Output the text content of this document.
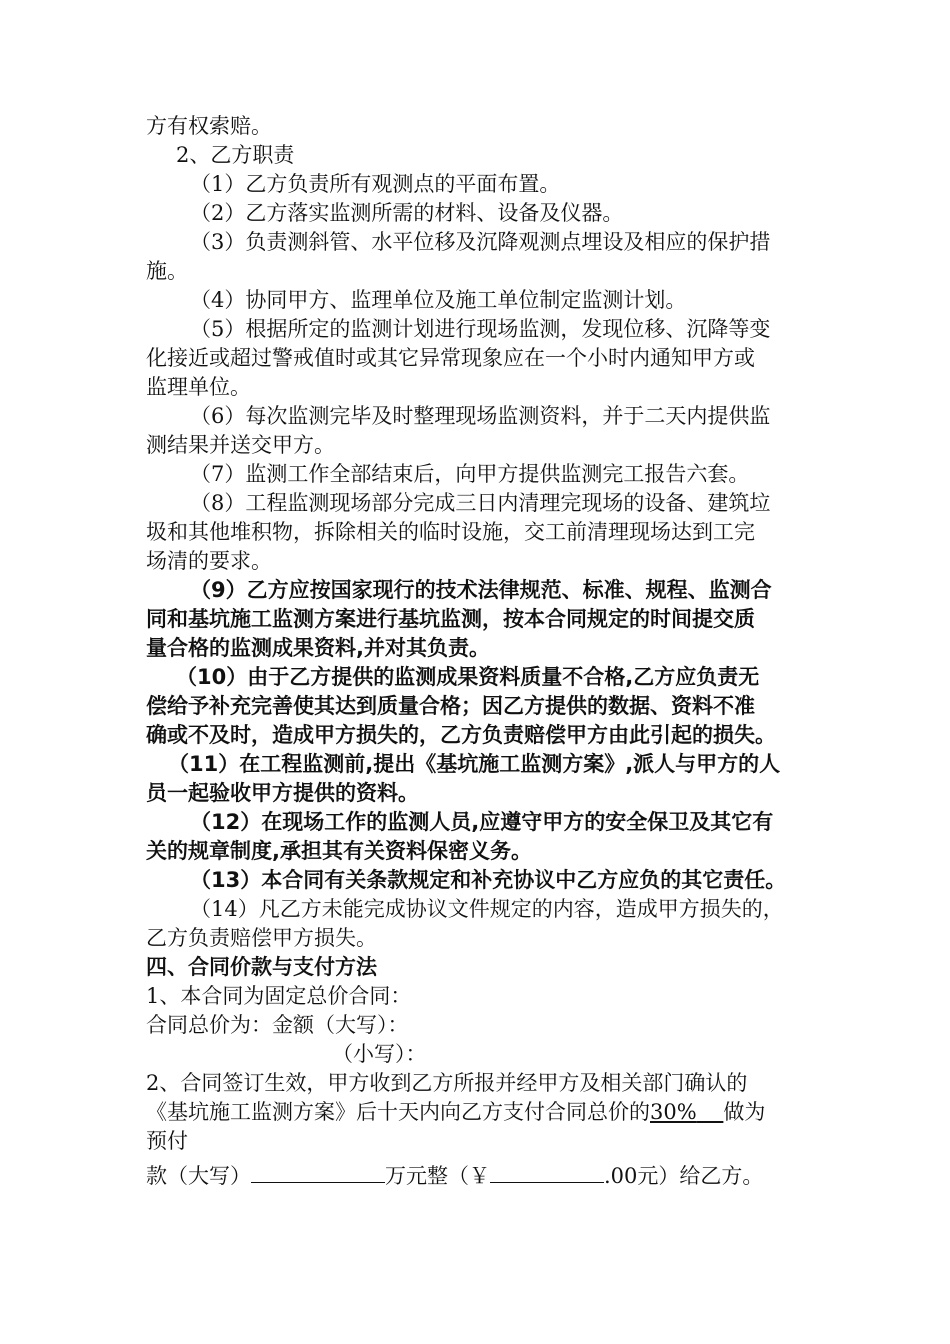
方有权索赔。
2、乙方职责
（1）乙方负责所有观测点的平面布置。
（2）乙方落实监测所需的材料、设备及仪器。
（3）负责测斜管、水平位移及沉降观测点埋设及相应的保护措
施。
（4）协同甲方、监理单位及施工单位制定监测计划。
（5）根据所定的监测计划进行现场监测，发现位移、沉降等变
化接近或超过警戒值时或其它异常现象应在一个小时内通知甲方或
监理单位。
（6）每次监测完毕及时整理现场监测资料，并于二天内提供监
测结果并送交甲方。
（7）监测工作全部结束后，向甲方提供监测完工报告六套。
（8）工程监测现场部分完成三日内清理完现场的设备、建筑垃
圾和其他堆积物，拆除相关的临时设施，交工前清理现场达到工完
场清的要求。
（9）乙方应按国家现行的技术法律规范、标准、规程、监测合
同和基坑施工监测方案进行基坑监测，按本合同规定的时间提交质
量合格的监测成果资料,并对其负责。
（10）由于乙方提供的监测成果资料质量不合格,乙方应负责无
偿给予补充完善使其达到质量合格；因乙方提供的数据、资料不准
确或不及时，造成甲方损失的，乙方负责赔偿甲方由此引起的损失。
（11）在工程监测前,提出《基坑施工监测方案》,派人与甲方的人
员一起验收甲方提供的资料。
（12）在现场工作的监测人员,应遵守甲方的安全保卫及其它有
关的规章制度,承担其有关资料保密义务。
（13）本合同有关条款规定和补充协议中乙方应负的其它责任。
（14）凡乙方未能完成协议文件规定的内容，造成甲方损失的，
乙方负责赔偿甲方损失。
四、合同价款与支付方法
1、本合同为固定总价合同：
合同总价为：金额（大写）：
（小写）：
2、合同签订生效，甲方收到乙方所报并经甲方及相关部门确认的
《基坑施工监测方案》后十天内向乙方支付合同总价的30% 做为
预付
款（大写）	万元整（￥	.00元）给乙方。
